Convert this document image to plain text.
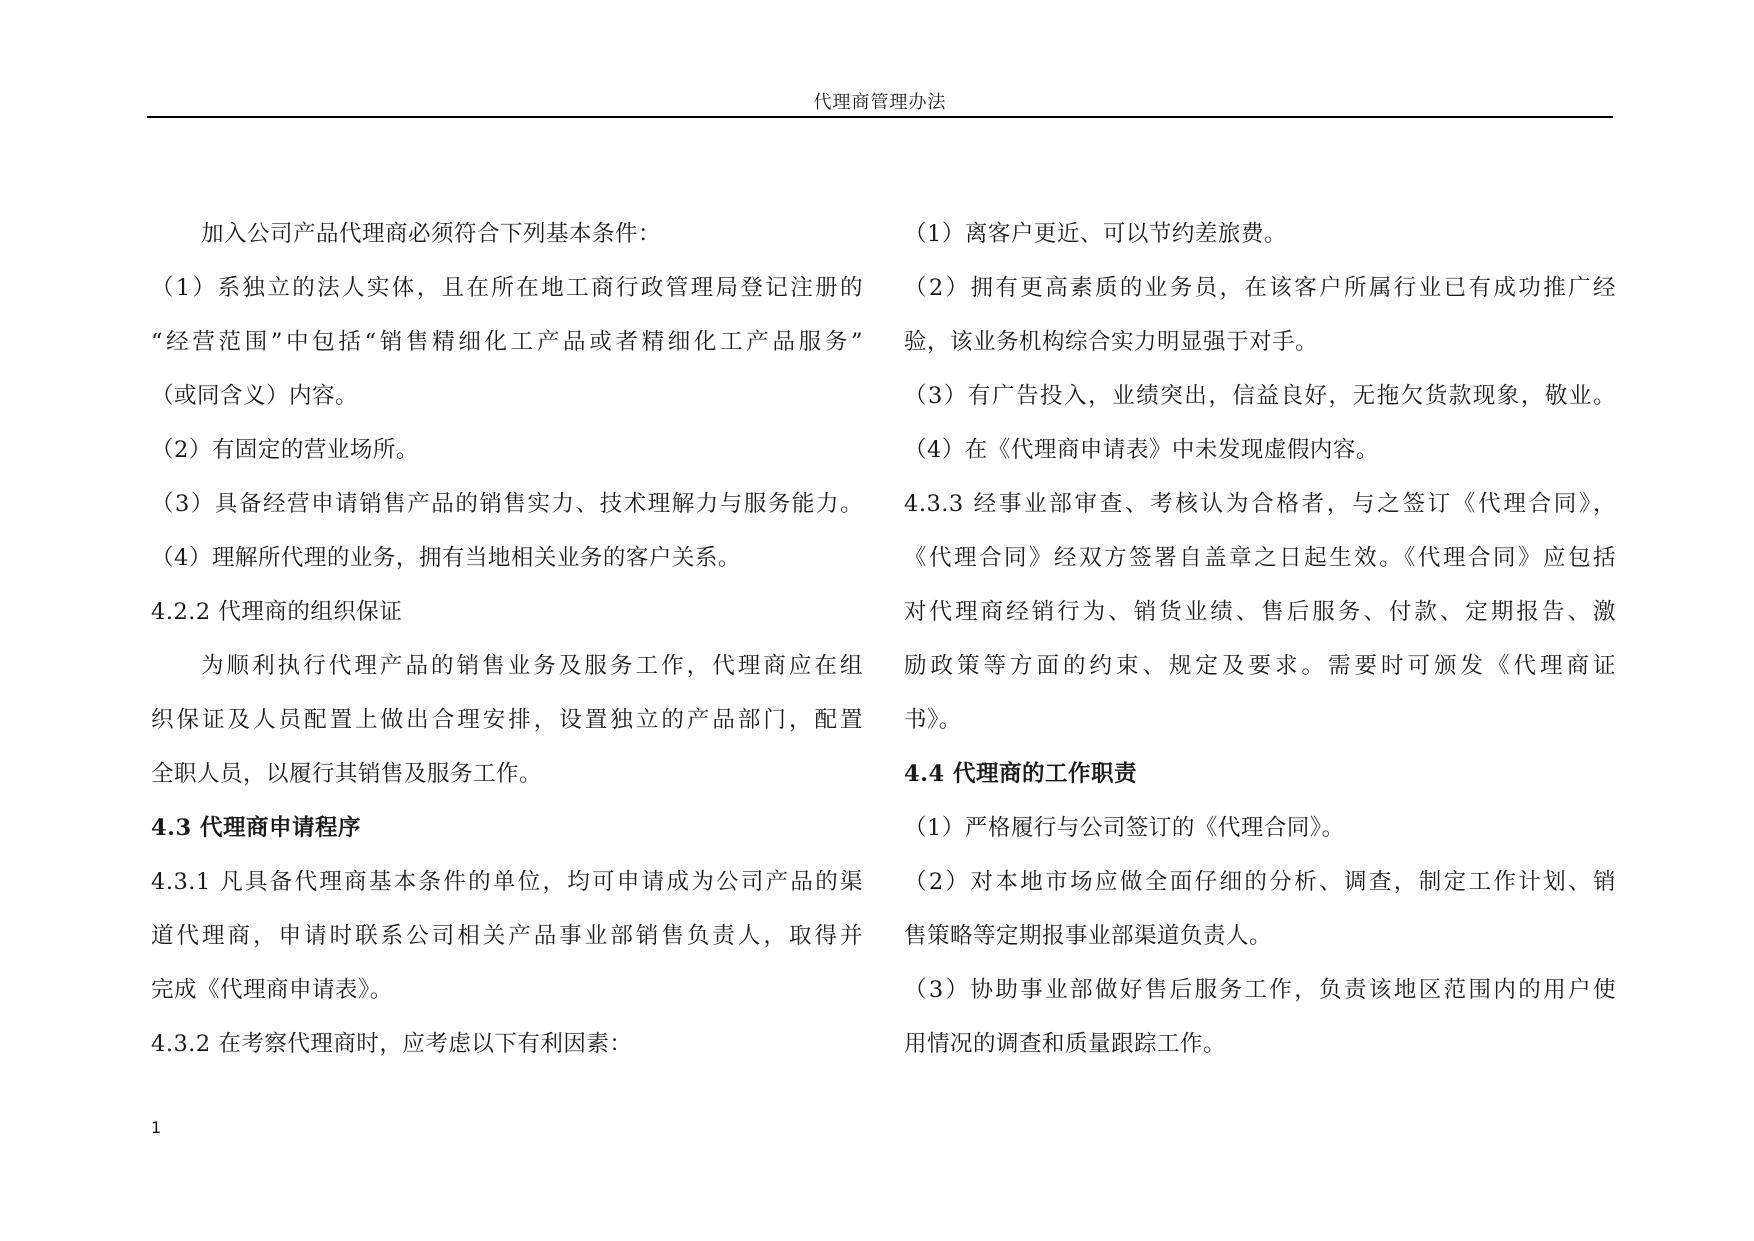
代理商管理办法
加入公司产品代理商必须符合下列基本条件：
（1）系独立的法人实体，且在所在地工商行政管理局登记注册的
“经营范围”中包括“销售精细化工产品或者精细化工产品服务”
（或同含义）内容。
（2）有固定的营业场所。
（3）具备经营申请销售产品的销售实力、技术理解力与服务能力。
（4）理解所代理的业务，拥有当地相关业务的客户关系。
4.2.2 代理商的组织保证
为顺利执行代理产品的销售业务及服务工作，代理商应在组
织保证及人员配置上做出合理安排，设置独立的产品部门，配置
全职人员，以履行其销售及服务工作。
4.3 代理商申请程序
4.3.1 凡具备代理商基本条件的单位，均可申请成为公司产品的渠
道代理商，申请时联系公司相关产品事业部销售负责人，取得并
完成《代理商申请表》。
4.3.2 在考察代理商时，应考虑以下有利因素：
（1）离客户更近、可以节约差旅费。
（2）拥有更高素质的业务员，在该客户所属行业已有成功推广经
验，该业务机构综合实力明显强于对手。
（3）有广告投入，业绩突出，信益良好，无拖欠货款现象，敬业。
（4）在《代理商申请表》中未发现虚假内容。
4.3.3 经事业部审查、考核认为合格者，与之签订《代理合同》，
《代理合同》经双方签署自盖章之日起生效。《代理合同》应包括
对代理商经销行为、销货业绩、售后服务、付款、定期报告、激
励政策等方面的约束、规定及要求。需要时可颁发《代理商证
书》。
4.4 代理商的工作职责
（1）严格履行与公司签订的《代理合同》。
（2）对本地市场应做全面仔细的分析、调查，制定工作计划、销
售策略等定期报事业部渠道负责人。
（3）协助事业部做好售后服务工作，负责该地区范围内的用户使
用情况的调查和质量跟踪工作。
1
